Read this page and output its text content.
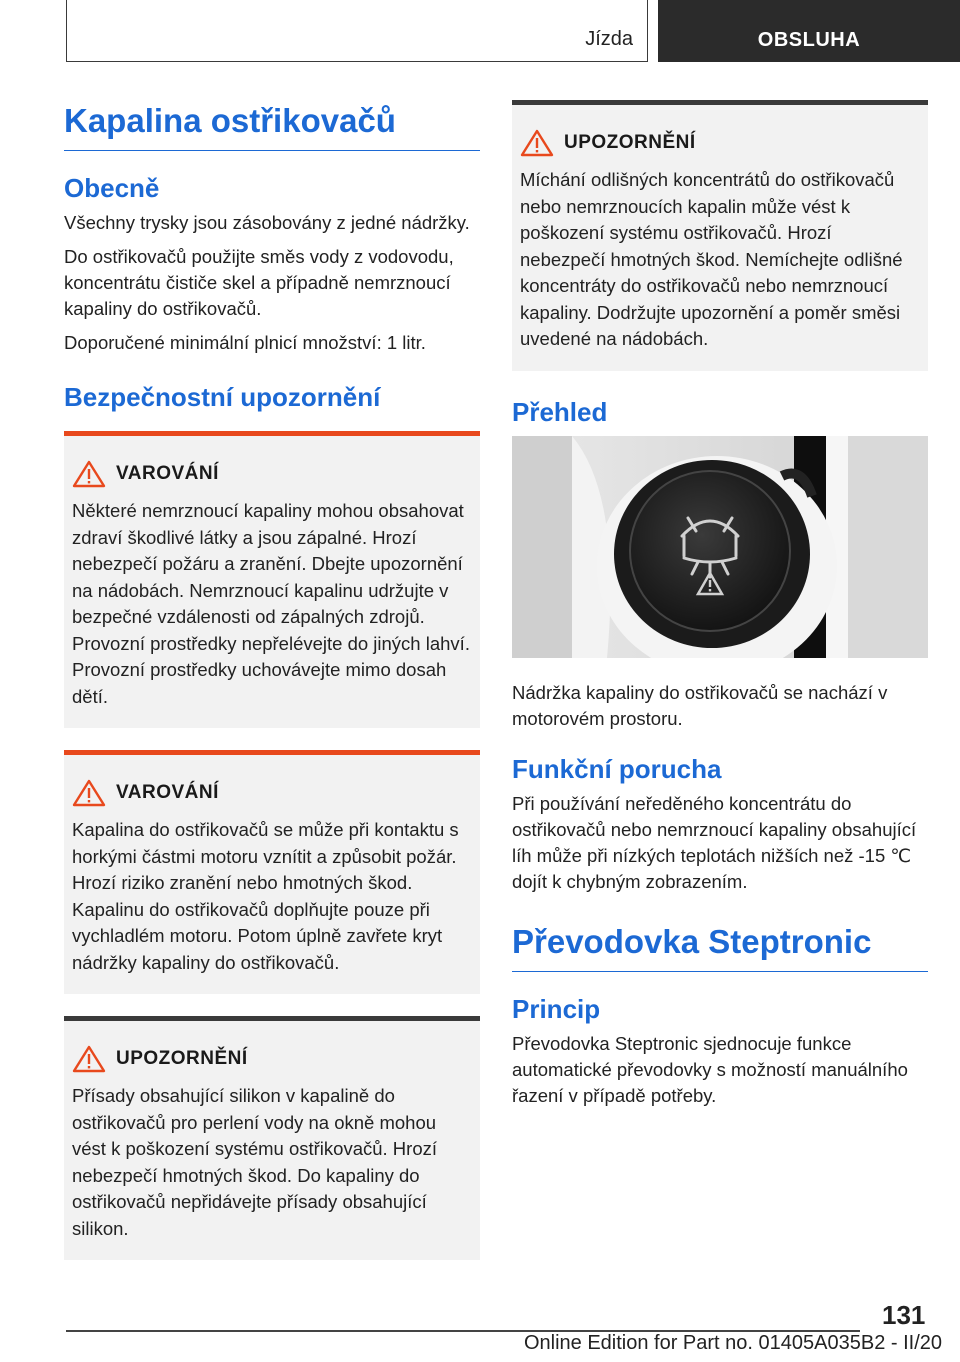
Jízda	OBSLUHA
Kapalina ostřikovačů
Obecně

Všechny trysky jsou zásobovány z jedné nádržky.

Do ostřikovačů použijte směs vody z vodovodu, koncentrátu čističe skel a případně nemrznoucí kapaliny do ostřikovačů.

Doporučené minimální plnicí množství: 1 litr.

Bezpečnostní upozornění
VAROVÁNÍ

Některé nemrznoucí kapaliny mohou obsahovat zdraví škodlivé látky a jsou zápalné. Hrozí nebezpečí požáru a zranění. Dbejte upozornění na nádobách. Nemrznoucí kapalinu udržujte v bezpečné vzdálenosti od zápalných zdrojů. Provozní prostředky nepřelévejte do jiných lahví. Provozní prostředky uchovávejte mimo dosah dětí.

VAROVÁNÍ

Kapalina do ostřikovačů se může při kontaktu s horkými částmi motoru vznítit a způsobit požár. Hrozí riziko zranění nebo hmotných škod. Kapalinu do ostřikovačů doplňujte pouze při vychladlém motoru. Potom úplně zavřete kryt nádržky kapaliny do ostřikovačů.

UPOZORNĚNÍ

Přísady obsahující silikon v kapalině do ostřikovačů pro perlení vody na okně mohou vést k poškození systému ostřikovačů. Hrozí nebezpečí hmotných škod. Do kapaliny do ostřikovačů nepřidávejte přísady obsahující silikon.

UPOZORNĚNÍ

Míchání odlišných koncentrátů do ostřikovačů nebo nemrznoucích kapalin může vést k poškození systému ostřikovačů. Hrozí nebezpečí hmotných škod. Nemíchejte odlišné koncentráty do ostřikovačů nebo nemrznoucí kapaliny. Dodržujte upozornění a poměr směsi uvedené na nádobách.

Přehled

Nádržka kapaliny do ostřikovačů se nachází v motorovém prostoru.

Funkční porucha

Při používání neředěného koncentrátu do ostřikovačů nebo nemrznoucí kapaliny obsahující líh může při nízkých teplotách nižších než -15 ℃ dojít k chybným zobrazením.

Převodovka Steptronic
Princip

Převodovka Steptronic sjednocuje funkce automatické převodovky s možností manuálního řazení v případě potřeby.

131
Online Edition for Part no. 01405A035B2 - II/20
